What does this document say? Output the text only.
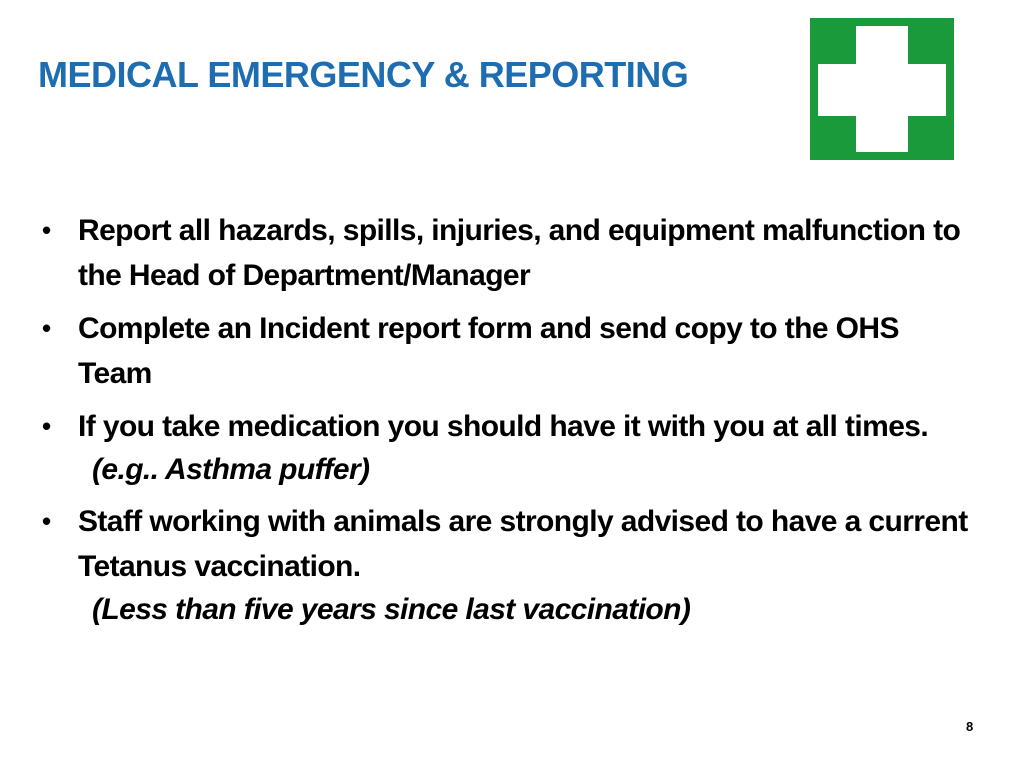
MEDICAL EMERGENCY & REPORTING
• Report all hazards, spills, injuries, and equipment malfunction to the Head of Department/Manager
• Complete an Incident report form and send copy to the OHS Team
• If you take medication you should have it with you at all times.
(e.g.. Asthma puffer)
• Staff working with animals are strongly advised to have a current Tetanus vaccination.
(Less than five years since last vaccination)
8
